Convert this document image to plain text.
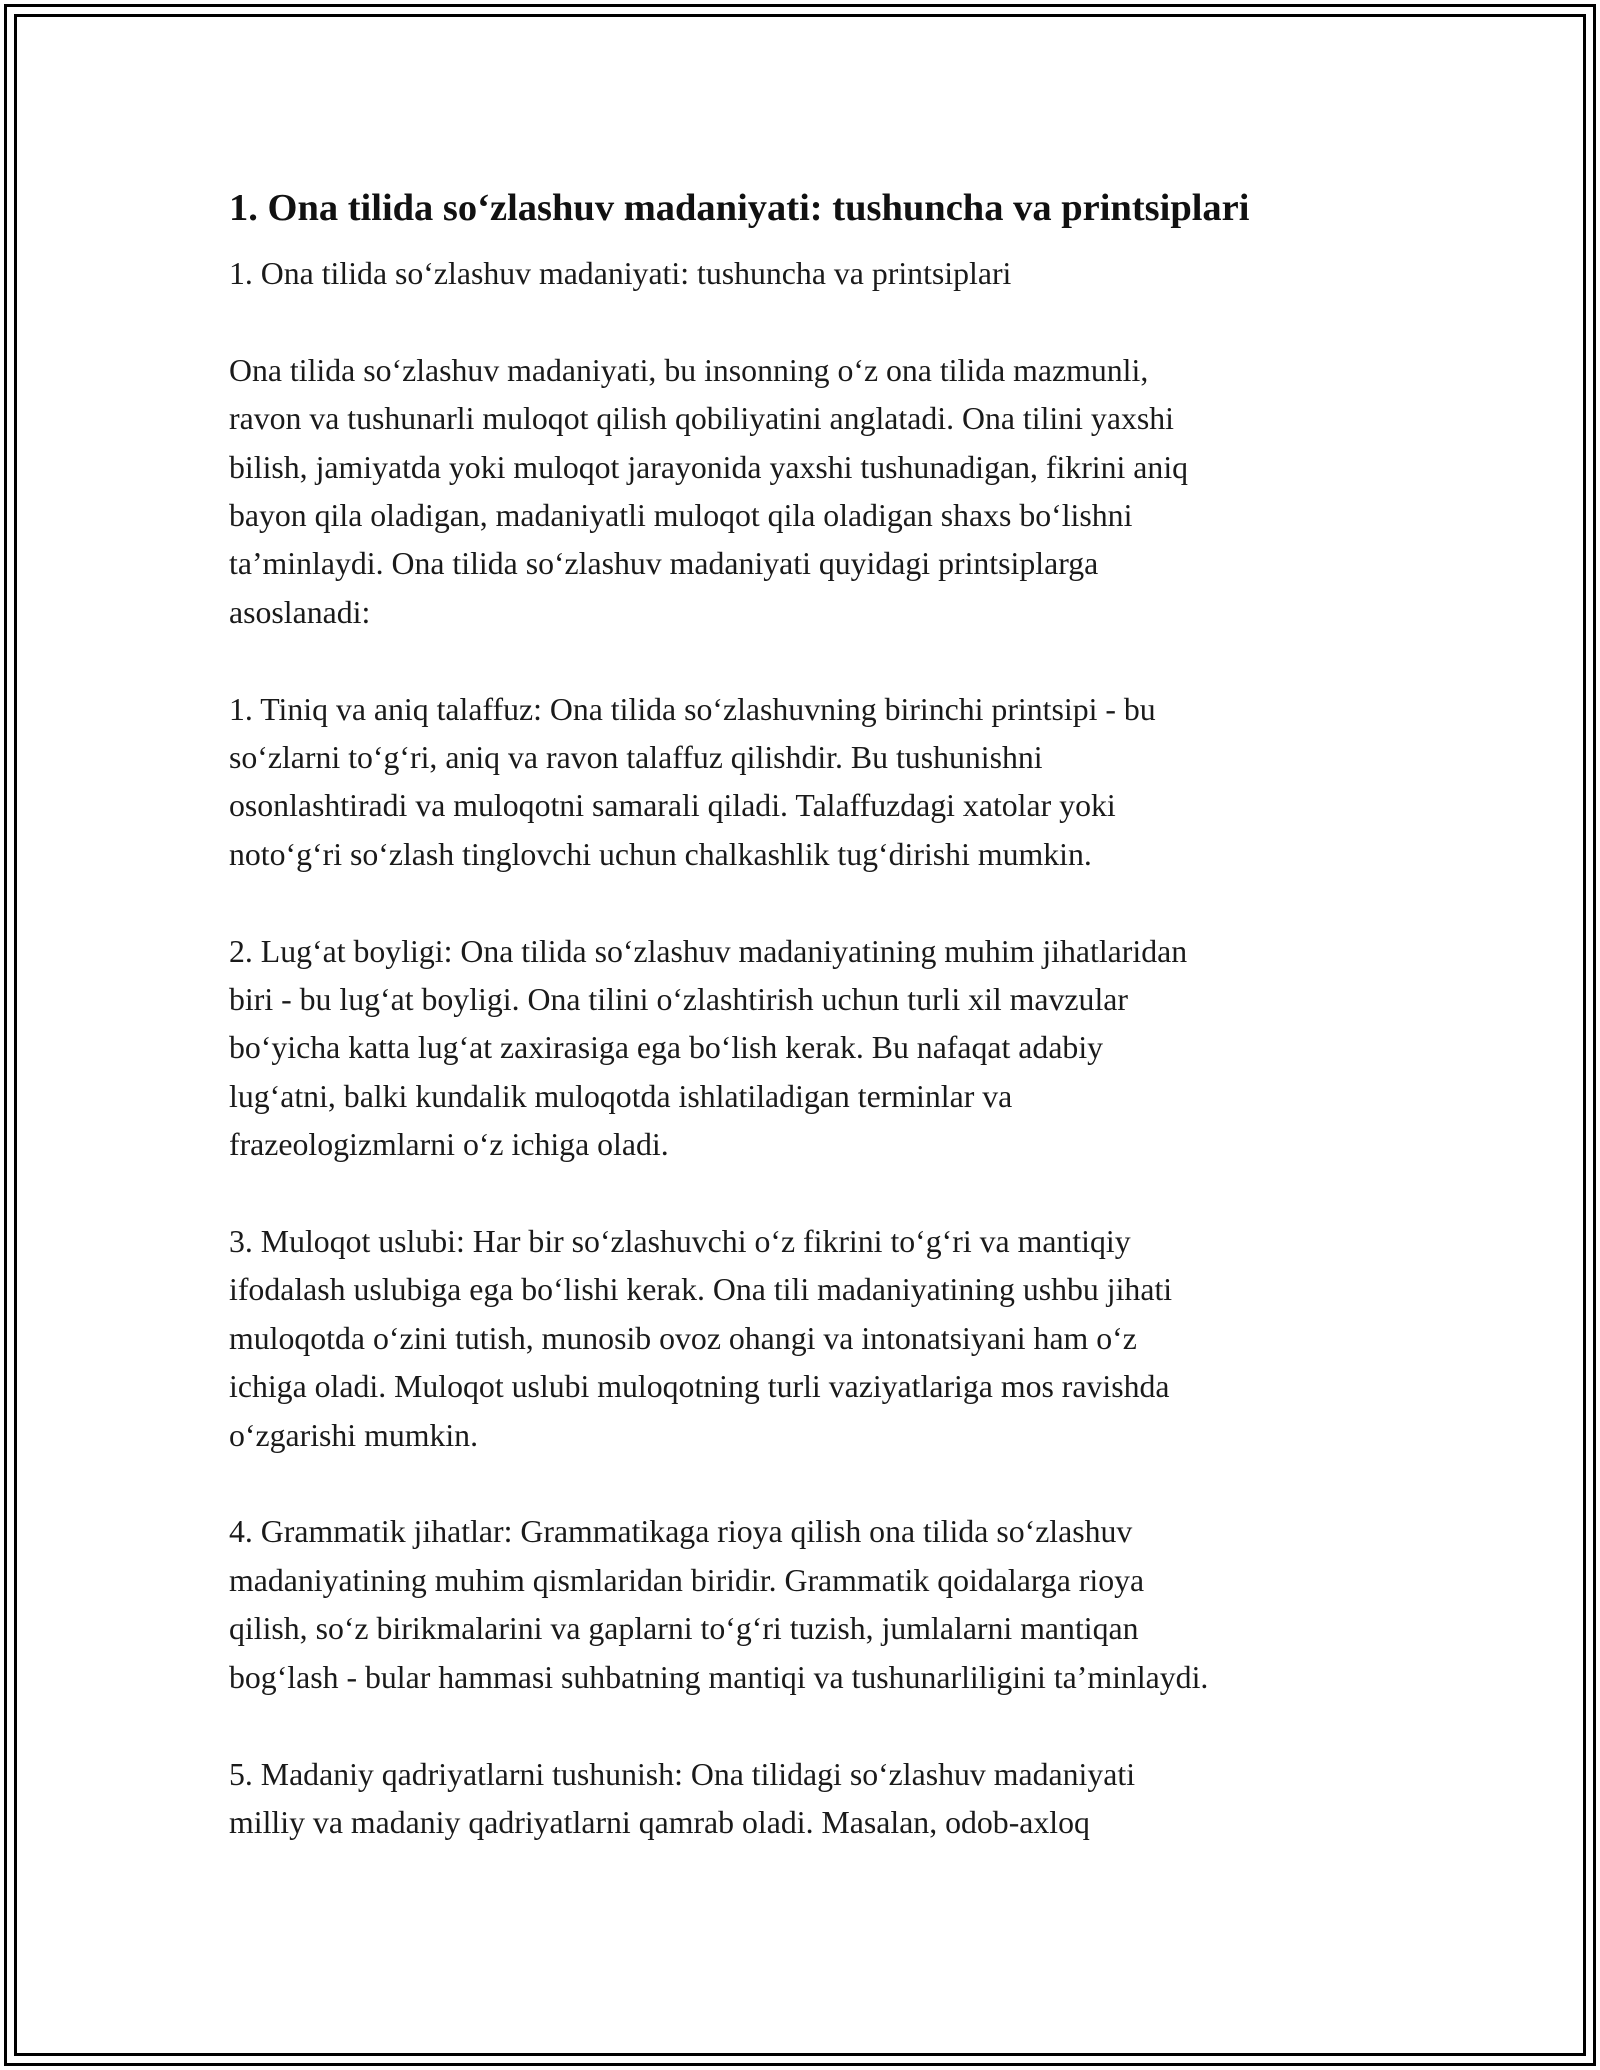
1. Ona tilida so‘zlashuv madaniyati: tushuncha va printsiplari
1. Ona tilida so‘zlashuv madaniyati: tushuncha va printsiplari
Ona tilida so‘zlashuv madaniyati, bu insonning o‘z ona tilida mazmunli,
ravon va tushunarli muloqot qilish qobiliyatini anglatadi. Ona tilini yaxshi
bilish, jamiyatda yoki muloqot jarayonida yaxshi tushunadigan, fikrini aniq
bayon qila oladigan, madaniyatli muloqot qila oladigan shaxs bo‘lishni
ta’minlaydi. Ona tilida so‘zlashuv madaniyati quyidagi printsiplarga
asoslanadi:
1. Tiniq va aniq talaffuz: Ona tilida so‘zlashuvning birinchi printsipi - bu
so‘zlarni to‘g‘ri, aniq va ravon talaffuz qilishdir. Bu tushunishni
osonlashtiradi va muloqotni samarali qiladi. Talaffuzdagi xatolar yoki
noto‘g‘ri so‘zlash tinglovchi uchun chalkashlik tug‘dirishi mumkin.
2. Lug‘at boyligi: Ona tilida so‘zlashuv madaniyatining muhim jihatlaridan
biri - bu lug‘at boyligi. Ona tilini o‘zlashtirish uchun turli xil mavzular
bo‘yicha katta lug‘at zaxirasiga ega bo‘lish kerak. Bu nafaqat adabiy
lug‘atni, balki kundalik muloqotda ishlatiladigan terminlar va
frazeologizmlarni o‘z ichiga oladi.
3. Muloqot uslubi: Har bir so‘zlashuvchi o‘z fikrini to‘g‘ri va mantiqiy
ifodalash uslubiga ega bo‘lishi kerak. Ona tili madaniyatining ushbu jihati
muloqotda o‘zini tutish, munosib ovoz ohangi va intonatsiyani ham o‘z
ichiga oladi. Muloqot uslubi muloqotning turli vaziyatlariga mos ravishda
o‘zgarishi mumkin.
4. Grammatik jihatlar: Grammatikaga rioya qilish ona tilida so‘zlashuv
madaniyatining muhim qismlaridan biridir. Grammatik qoidalarga rioya
qilish, so‘z birikmalarini va gaplarni to‘g‘ri tuzish, jumlalarni mantiqan
bog‘lash - bular hammasi suhbatning mantiqi va tushunarliligini ta’minlaydi.
5. Madaniy qadriyatlarni tushunish: Ona tilidagi so‘zlashuv madaniyati
milliy va madaniy qadriyatlarni qamrab oladi. Masalan, odob-axloq
